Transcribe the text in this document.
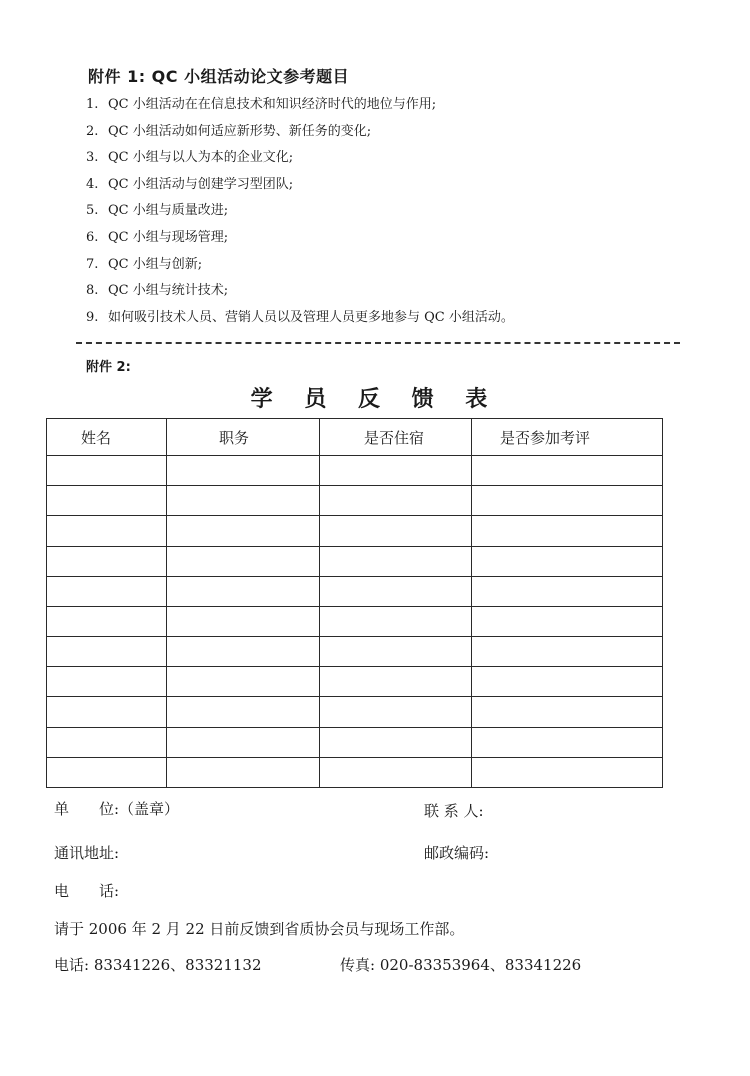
附件 1: QC 小组活动论文参考题目
1. QC 小组活动在在信息技术和知识经济时代的地位与作用;
2. QC 小组活动如何适应新形势、新任务的变化;
3. QC 小组与以人为本的企业文化;
4. QC 小组活动与创建学习型团队;
5. QC 小组与质量改进;
6. QC 小组与现场管理;
7. QC 小组与创新;
8. QC 小组与统计技术;
9. 如何吸引技术人员、营销人员以及管理人员更多地参与 QC 小组活动。
附件 2:
学 员 反 馈 表
姓名	职务	是否住宿	是否参加考评

单　　位:（盖章）	联 系 人:
通讯地址:	邮政编码:
电　　话:
请于 2006 年 2 月 22 日前反馈到省质协会员与现场工作部。
电话: 83341226、83321132	传真: 020-83353964、83341226
